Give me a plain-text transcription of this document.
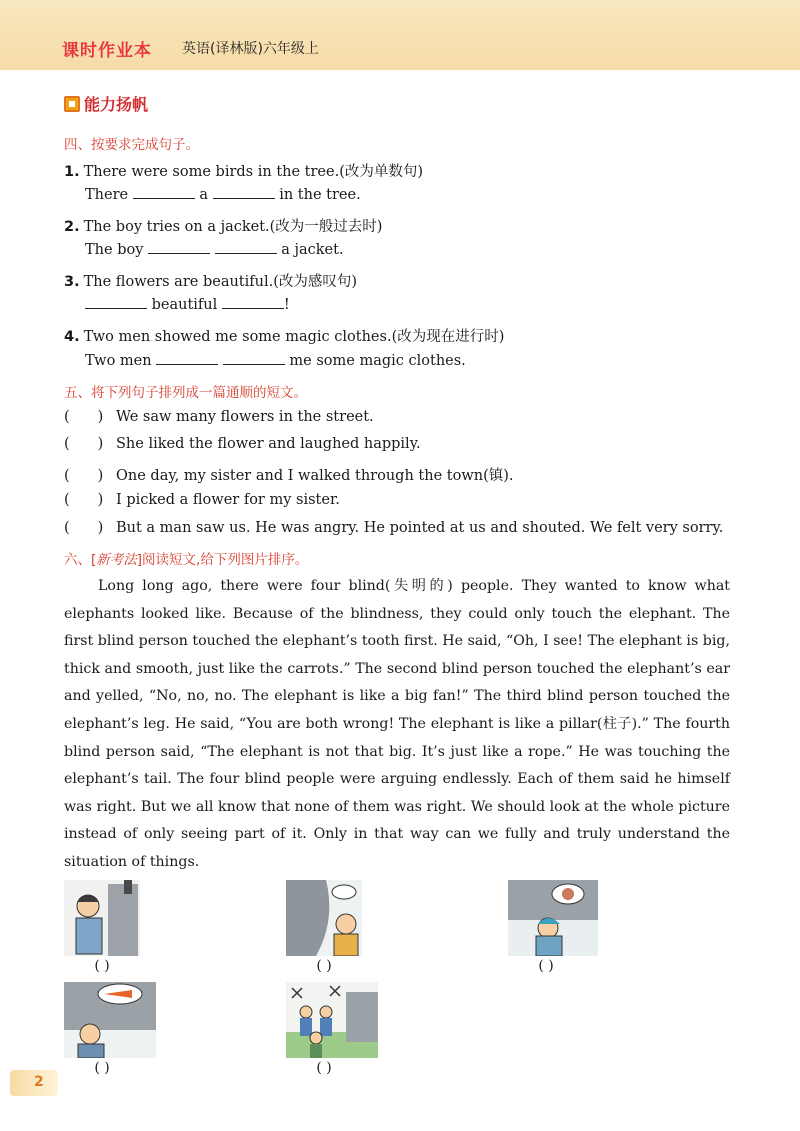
课时作业本 英语(译林版)六年级上
能力扬帆
四、按要求完成句子。
1. There were some birds in the tree.(改为单数句)
There	a	in the tree.
2. The boy tries on a jacket.(改为一般过去时)
The boy	a jacket.
3. The flowers are beautiful.(改为感叹句)
beautiful	!
4. Two men showed me some magic clothes.(改为现在进行时)
Two men	me some magic clothes.
五、将下列句子排列成一篇通顺的短文。
( ) We saw many flowers in the street.
( ) She liked the flower and laughed happily.
( ) One day, my sister and I walked through the town(镇).
( ) I picked a flower for my sister.
( ) But a man saw us. He was angry. He pointed at us and shouted. We felt very sorry.
六、[新考法]阅读短文,给下列图片排序。

Long long ago, there were four blind(失明的) people. They wanted to know what elephants looked like. Because of the blindness, they could only touch the elephant. The first blind person touched the elephant’s tooth first. He said, “Oh, I see! The elephant is big, thick and smooth, just like the carrots.” The second blind person touched the elephant’s ear and yelled, “No, no, no. The elephant is like a big fan!” The third blind person touched the elephant’s leg. He said, “You are both wrong! The elephant is like a pillar(柱子).” The fourth blind person said, “The elephant is not that big. It’s just like a rope.” He was touching the elephant’s tail. The four blind people were arguing endlessly. Each of them said he himself was right. But we all know that none of them was right. We should look at the whole picture instead of only seeing part of it. Only in that way can we fully and truly understand the situation of things.

( )	( )	( )
( )	( )
2
